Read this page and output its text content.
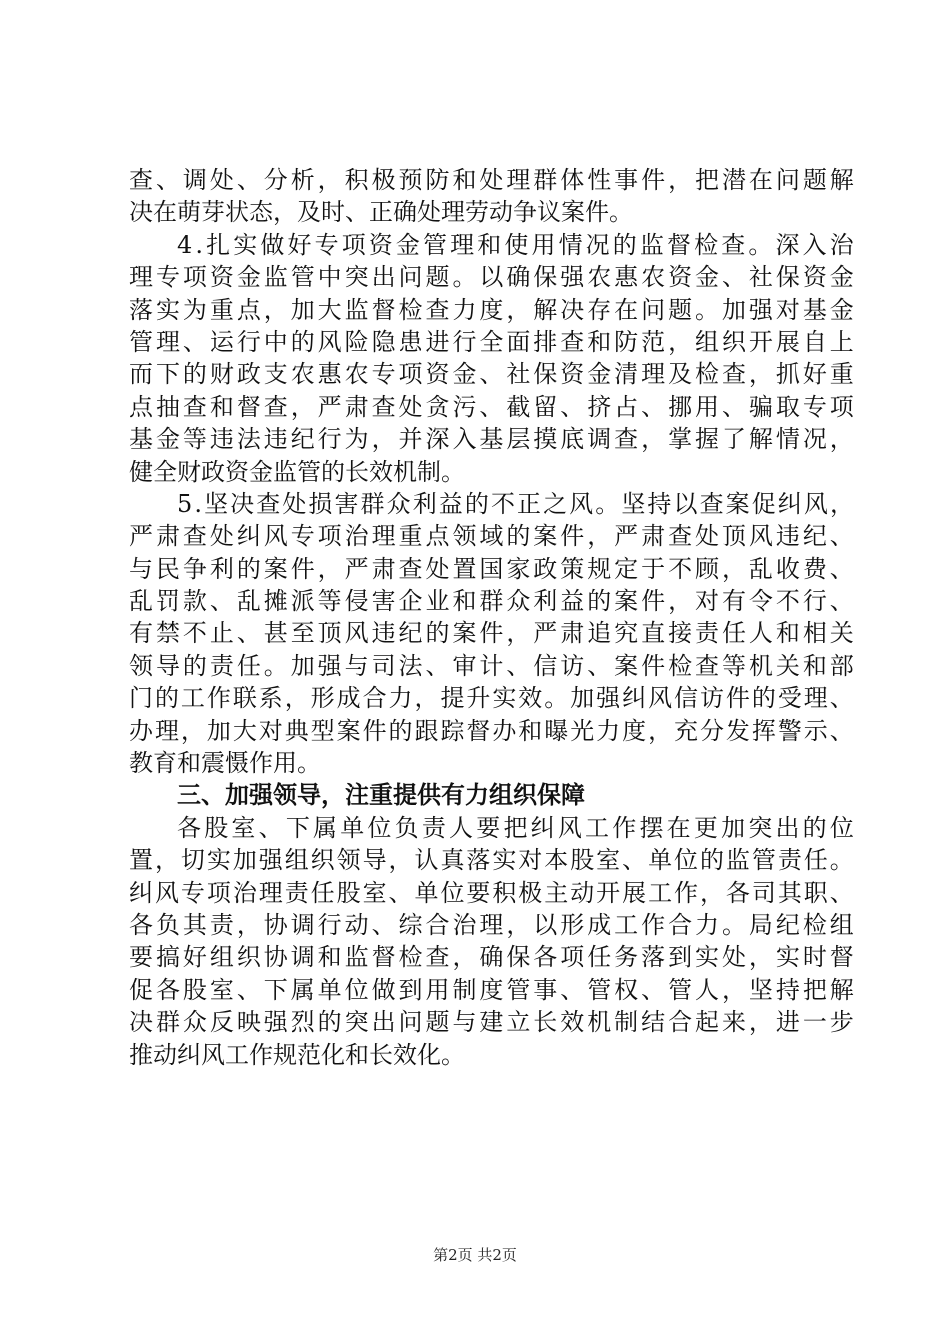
查 、 调 处 、 分 析 ， 积 极 预 防 和 处 理 群 体 性 事 件 ， 把 潜 在 问 题 解
决在萌芽状态，及时、正确处理劳动争议案件。
4 . 扎 实 做 好 专 项 资 金 管 理 和 使 用 情 况 的 监 督 检 查 。 深 入 治
理 专 项 资 金 监 管 中 突 出 问 题 。 以 确 保 强 农 惠 农 资 金 、 社 保 资 金
落 实 为 重 点 ， 加 大 监 督 检 查 力 度 ， 解 决 存 在 问 题 。 加 强 对 基 金
管 理 、 运 行 中 的 风 险 隐 患 进 行 全 面 排 查 和 防 范 ， 组 织 开 展 自 上
而 下 的 财 政 支 农 惠 农 专 项 资 金 、 社 保 资 金 清 理 及 检 查 ， 抓 好 重
点 抽 查 和 督 查 ， 严 肃 查 处 贪 污 、 截 留 、 挤 占 、 挪 用 、 骗 取 专 项
基 金 等 违 法 违 纪 行 为 ， 并 深 入 基 层 摸 底 调 查 ， 掌 握 了 解 情 况 ，
健全财政资金监管的长效机制。
5 . 坚 决 查 处 损 害 群 众 利 益 的 不 正 之 风 。 坚 持 以 查 案 促 纠 风 ，
严 肃 查 处 纠 风 专 项 治 理 重 点 领 域 的 案 件 ， 严 肃 查 处 顶 风 违 纪 、
与 民 争 利 的 案 件 ， 严 肃 查 处 置 国 家 政 策 规 定 于 不 顾 ， 乱 收 费 、
乱 罚 款 、 乱 摊 派 等 侵 害 企 业 和 群 众 利 益 的 案 件 ， 对 有 令 不 行 、
有 禁 不 止 、 甚 至 顶 风 违 纪 的 案 件 ， 严 肃 追 究 直 接 责 任 人 和 相 关
领 导 的 责 任 。 加 强 与 司 法 、 审 计 、 信 访 、 案 件 检 查 等 机 关 和 部
门 的 工 作 联 系 ， 形 成 合 力 ， 提 升 实 效 。 加 强 纠 风 信 访 件 的 受 理 、
办 理 ， 加 大 对 典 型 案 件 的 跟 踪 督 办 和 曝 光 力 度 ， 充 分 发 挥 警 示 、
教育和震慑作用。
三、加强领导，注重提供有力组织保障
各 股 室 、 下 属 单 位 负 责 人 要 把 纠 风 工 作 摆 在 更 加 突 出 的 位
置 ， 切 实 加 强 组 织 领 导 ， 认 真 落 实 对 本 股 室 、 单 位 的 监 管 责 任 。
纠 风 专 项 治 理 责 任 股 室 、 单 位 要 积 极 主 动 开 展 工 作 ， 各 司 其 职 、
各 负 其 责 ， 协 调 行 动 、 综 合 治 理 ， 以 形 成 工 作 合 力 。 局 纪 检 组
要 搞 好 组 织 协 调 和 监 督 检 查 ， 确 保 各 项 任 务 落 到 实 处 ， 实 时 督
促 各 股 室 、 下 属 单 位 做 到 用 制 度 管 事 、 管 权 、 管 人 ， 坚 持 把 解
决 群 众 反 映 强 烈 的 突 出 问 题 与 建 立 长 效 机 制 结 合 起 来 ， 进 一 步
推动纠风工作规范化和长效化。
第2页 共2页
